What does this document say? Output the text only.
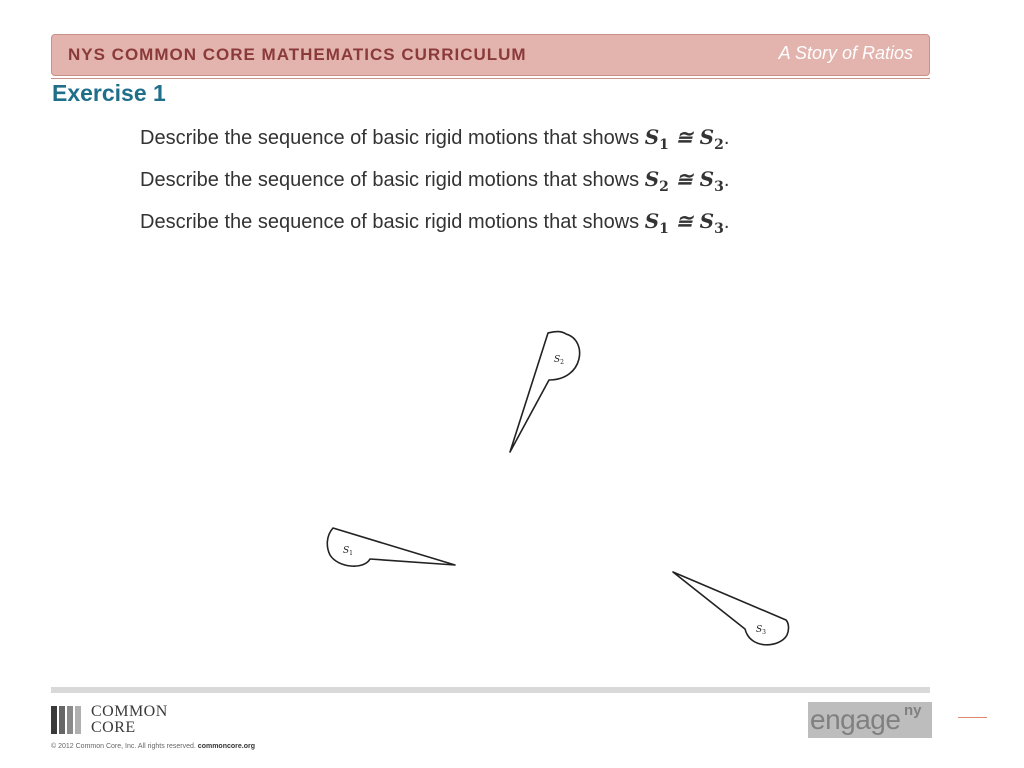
NYS COMMON CORE MATHEMATICS CURRICULUM	A Story of Ratios
Exercise 1
Describe the sequence of basic rigid motions that shows $S_1$ ≅ $S_2$.
Describe the sequence of basic rigid motions that shows $S_2$ ≅ $S_3$.
Describe the sequence of basic rigid motions that shows $S_1$ ≅ $S_3$.
$S_2$
$S_1$
$S_3$
COMMON
CORE
© 2012 Common Core, Inc. All rights reserved. commoncore.org
engage ny
